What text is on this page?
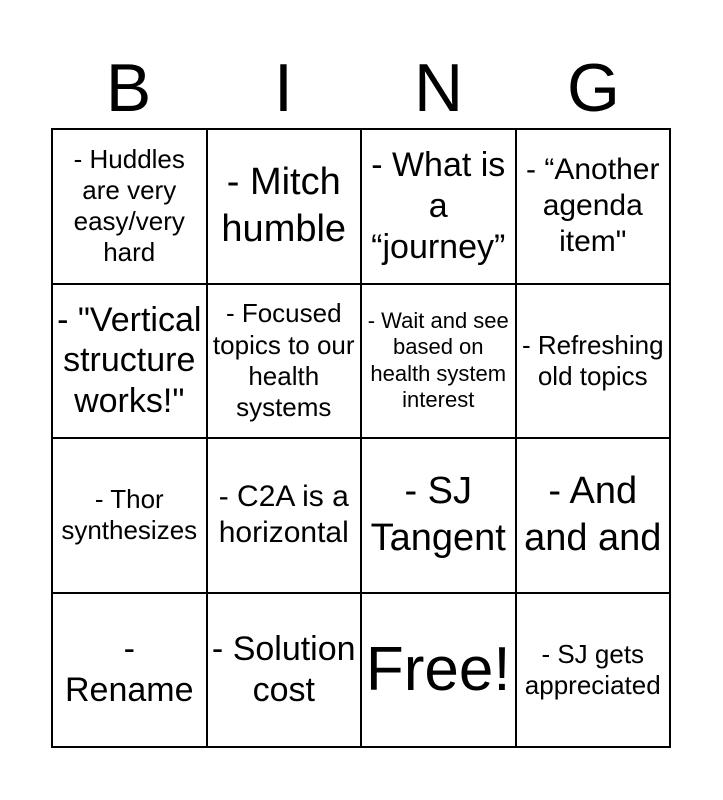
B	I	N	G
- Huddles are very easy/very hard
- Mitch humble
- What is a “journey”
- “Another agenda item"
- "Vertical structure works!"
- Focused topics to our health systems
- Wait and see based on health system interest
- Refreshing old topics
- Thor synthesizes
- C2A is a horizontal
- SJ Tangent
- And and and
- Rename
- Solution cost Free!	- SJ gets appreciated
